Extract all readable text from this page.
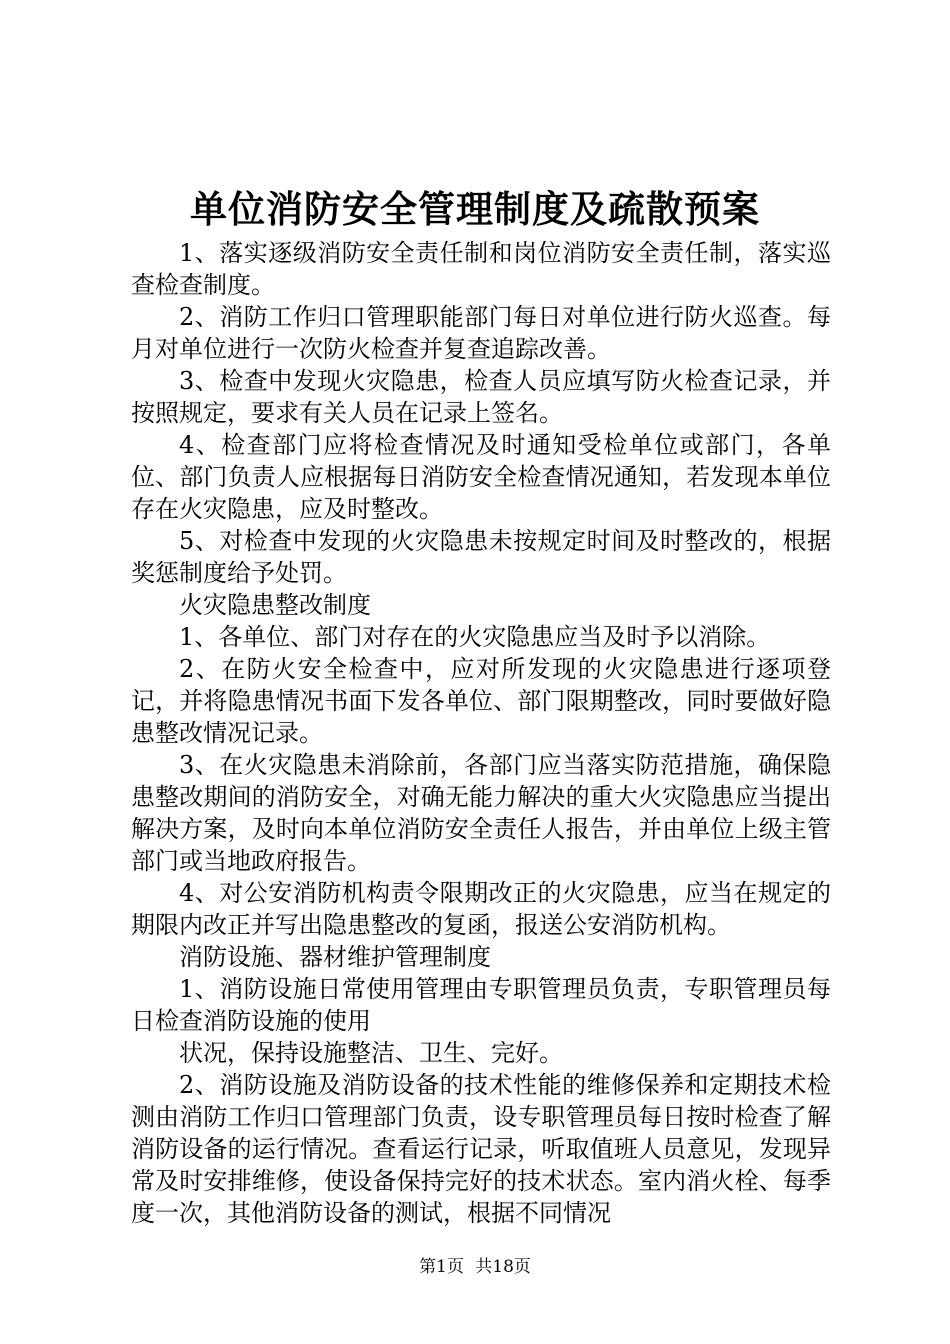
单位消防安全管理制度及疏散预案

1、落实逐级消防安全责任制和岗位消防安全责任制，落实巡查检查制度。

2、消防工作归口管理职能部门每日对单位进行防火巡查。每月对单位进行一次防火检查并复查追踪改善。

3、检查中发现火灾隐患，检查人员应填写防火检查记录，并按照规定，要求有关人员在记录上签名。

4、检查部门应将检查情况及时通知受检单位或部门，各单位、部门负责人应根据每日消防安全检查情况通知，若发现本单位存在火灾隐患，应及时整改。

5、对检查中发现的火灾隐患未按规定时间及时整改的，根据奖惩制度给予处罚。

火灾隐患整改制度

1、各单位、部门对存在的火灾隐患应当及时予以消除。

2、在防火安全检查中，应对所发现的火灾隐患进行逐项登记，并将隐患情况书面下发各单位、部门限期整改，同时要做好隐患整改情况记录。

3、在火灾隐患未消除前，各部门应当落实防范措施，确保隐患整改期间的消防安全，对确无能力解决的重大火灾隐患应当提出解决方案，及时向本单位消防安全责任人报告，并由单位上级主管部门或当地政府报告。

4、对公安消防机构责令限期改正的火灾隐患，应当在规定的期限内改正并写出隐患整改的复函，报送公安消防机构。

消防设施、器材维护管理制度

1、消防设施日常使用管理由专职管理员负责，专职管理员每日检查消防设施的使用

状况，保持设施整洁、卫生、完好。

2、消防设施及消防设备的技术性能的维修保养和定期技术检测由消防工作归口管理部门负责，设专职管理员每日按时检查了解消防设备的运行情况。查看运行记录，听取值班人员意见，发现异常及时安排维修，使设备保持完好的技术状态。室内消火栓、每季度一次，其他消防设备的测试，根据不同情况

第1页 共18页
